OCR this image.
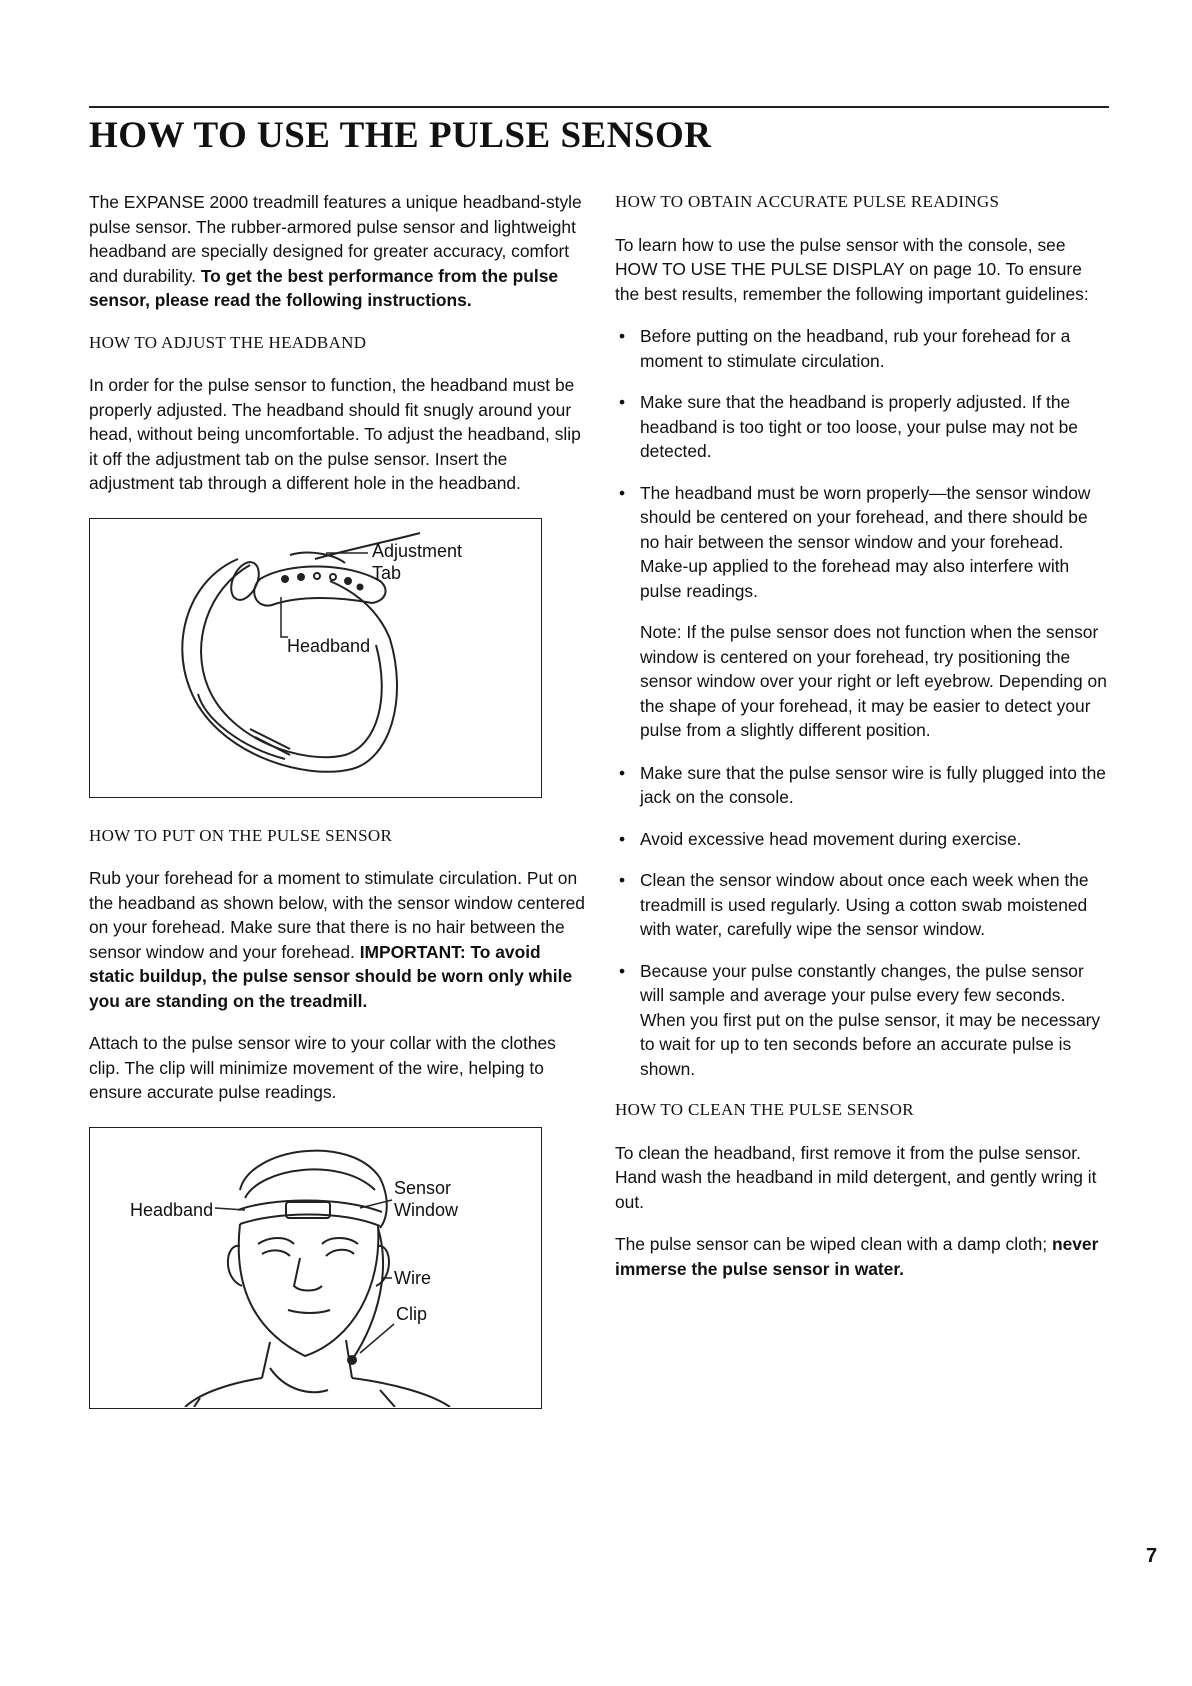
HOW TO USE THE PULSE SENSOR

The EXPANSE 2000 treadmill features a unique headband-style pulse sensor. The rubber-armored pulse sensor and lightweight headband are specially designed for greater accuracy, comfort and durability. To get the best performance from the pulse sensor, please read the following instructions.

HOW TO ADJUST THE HEADBAND

In order for the pulse sensor to function, the headband must be properly adjusted. The headband should fit snugly around your head, without being uncomfortable. To adjust the headband, slip it off the adjustment tab on the pulse sensor. Insert the adjustment tab through a different hole in the headband.

Adjustment
Tab
Headband
HOW TO PUT ON THE PULSE SENSOR

Rub your forehead for a moment to stimulate circulation. Put on the headband as shown below, with the sensor window centered on your forehead. Make sure that there is no hair between the sensor window and your forehead. IMPORTANT: To avoid static buildup, the pulse sensor should be worn only while you are standing on the treadmill.

Attach to the pulse sensor wire to your collar with the clothes clip. The clip will minimize movement of the wire, helping to ensure accurate pulse readings.

Headband
Sensor
Window
Wire
Clip
HOW TO OBTAIN ACCURATE PULSE READINGS

To learn how to use the pulse sensor with the console, see HOW TO USE THE PULSE DISPLAY on page 10. To ensure the best results, remember the following important guidelines:

• Before putting on the headband, rub your forehead for a moment to stimulate circulation.
• Make sure that the headband is properly adjusted. If the headband is too tight or too loose, your pulse may not be detected.
• The headband must be worn properly—the sensor window should be centered on your forehead, and there should be no hair between the sensor window and your forehead. Make-up applied to the forehead may also interfere with pulse readings.

Note: If the pulse sensor does not function when the sensor window is centered on your forehead, try positioning the sensor window over your right or left eyebrow. Depending on the shape of your forehead, it may be easier to detect your pulse from a slightly different position.

• Make sure that the pulse sensor wire is fully plugged into the jack on the console.
• Avoid excessive head movement during exercise.
• Clean the sensor window about once each week when the treadmill is used regularly. Using a cotton swab moistened with water, carefully wipe the sensor window.
• Because your pulse constantly changes, the pulse sensor will sample and average your pulse every few seconds. When you first put on the pulse sensor, it may be necessary to wait for up to ten seconds before an accurate pulse is shown.
HOW TO CLEAN THE PULSE SENSOR

To clean the headband, first remove it from the pulse sensor. Hand wash the headband in mild detergent, and gently wring it out.

The pulse sensor can be wiped clean with a damp cloth; never immerse the pulse sensor in water.

7
